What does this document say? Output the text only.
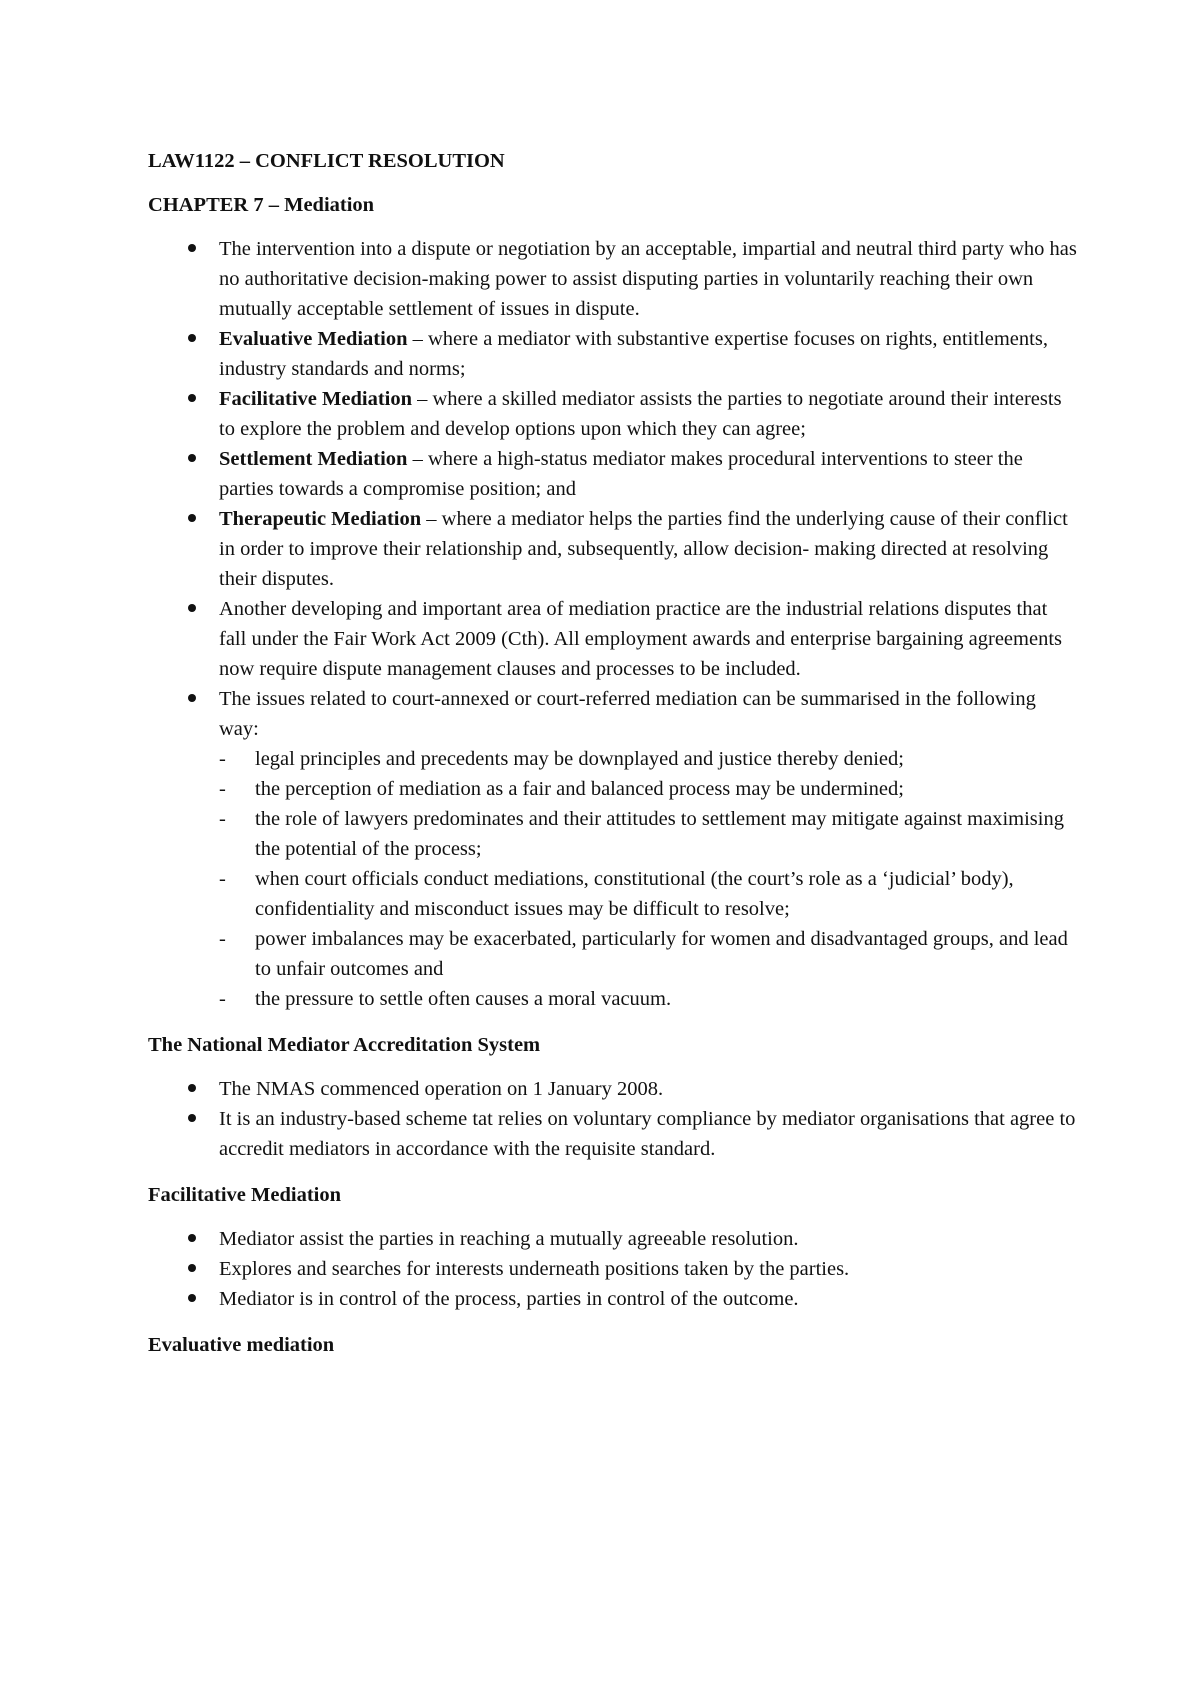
LAW1122 – CONFLICT RESOLUTION
CHAPTER 7 – Mediation
The intervention into a dispute or negotiation by an acceptable, impartial and neutral third party who has no authoritative decision-making power to assist disputing parties in voluntarily reaching their own mutually acceptable settlement of issues in dispute.
Evaluative Mediation – where a mediator with substantive expertise focuses on rights, entitlements, industry standards and norms;
Facilitative Mediation – where a skilled mediator assists the parties to negotiate around their interests to explore the problem and develop options upon which they can agree;
Settlement Mediation – where a high-status mediator makes procedural interventions to steer the parties towards a compromise position; and
Therapeutic Mediation – where a mediator helps the parties find the underlying cause of their conflict in order to improve their relationship and, subsequently, allow decision- making directed at resolving their disputes.
Another developing and important area of mediation practice are the industrial relations disputes that fall under the Fair Work Act 2009 (Cth). All employment awards and enterprise bargaining agreements now require dispute management clauses and processes to be included.
The issues related to court-annexed or court-referred mediation can be summarised in the following way:
- legal principles and precedents may be downplayed and justice thereby denied;
- the perception of mediation as a fair and balanced process may be undermined;
- the role of lawyers predominates and their attitudes to settlement may mitigate against maximising the potential of the process;
- when court officials conduct mediations, constitutional (the court’s role as a ‘judicial’ body), confidentiality and misconduct issues may be difficult to resolve;
- power imbalances may be exacerbated, particularly for women and disadvantaged groups, and lead to unfair outcomes and
- the pressure to settle often causes a moral vacuum.
The National Mediator Accreditation System
The NMAS commenced operation on 1 January 2008.
It is an industry-based scheme tat relies on voluntary compliance by mediator organisations that agree to accredit mediators in accordance with the requisite standard.
Facilitative Mediation
Mediator assist the parties in reaching a mutually agreeable resolution.
Explores and searches for interests underneath positions taken by the parties.
Mediator is in control of the process, parties in control of the outcome.
Evaluative mediation
